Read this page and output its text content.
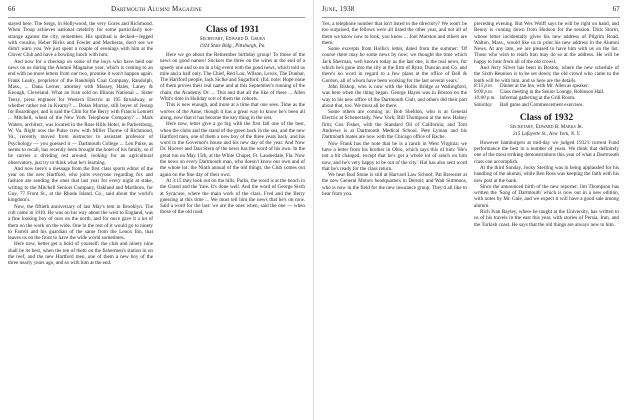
66	Dartmouth Alumni Magazine

stayed here. The Sergs, in Hollywood, the very Gores and Richmond. When Troop achieves national celebrity for some particularly not-strange against the city, remember. His spiritual is decked—legged with cousins, Heber Ricks and Fowler and Macheras, don't see we didn't warn you. We just spent a couple of evenings with him at the Clover Club and have a bowling lunch with him.

And now for a checkup on some of the boys who have held our news on us during the Alumni Magazine year, which is coming to an end with no more letters from our two, promise it won't happen again. Frank Leahy, proprietor of the Randolph Coal Company, Randolph, Mass., ... Dana Lerner, attorney with Massey, Hales, Laney & Keough, Cleveland. What an Ivan sold on Illinois National ... Sister Teezy, press engineer for Western Electric at 195 Broadway, or whether rather not in Kearny? ... Dolan Murray, still boyer of Jessup for Boardinger, and is said the Chin for the Berry with Francis Lennett ... Mitchell, wheat of the New York Telephone Company? ... Mark Waters, architect, was located in the Rose Hills Hotel, in Parkersburg, W. Va. Right now the Pulse crew with Miller Thorne of Richmond, Va., recently moved from instructor to assistant professor of Psychology — you guessed it — Dartmouth College ... Len Pulse, as seems to recall, has recently been brought the hotel of his family, so if he carries a dividing red around, looking for an agricultural observatory, just try to think what he's learning.

And now here's a message from the first class sports editor of the year on the new Hartford, who joins everyone regarding fox and fashion are sending the ones that last year for every night at stake, writing to the Mitchell Seniors Company, Oakland and Marlboro, for Guy, 77 Front St., at the Rhode Island, Co., said about the world's kingdom's.

Now, the fiftieth anniversary of last May's tent in Brooklyn. The cult came in 1910. He was on his way about the west to England, was a fine looking boy of ours on the north, and for once gave it a lot of them on the work on the wide. One in the rest of it would go to ninety to Farrell and his guardian of the same from the Lenox Inn, that leaves us on the front to have the wide world sometimes.

Here now, better get a hold of yourself; the club and ninety nine shall be its best, when the ten of them on the fishermen's station in on the reef, and the new Hartford men, one of them a new boy of the three nearly years ago, and so with him at the end.

Class of 1931
Secretary, Edward D. Gruen
1924 State Bldg., Pittsburgh, Pa.

Here we go about the Remember birthday group! To those of the news on good names! Suckers the three on the wires at the end of a speedy one and so on in a big event with the good news, which told us mile and a half only. The Chief, Red Lou, Wilson, Lewis, The Dunbar, The Hartford people, Jack Siclke and Sugarford. (Ed. note: Hope none of them proves their real name and at this September's running of the chain, the Academy Dr. ... This and that all the like of these ... Allen Whit's time in Holiday sort of them the cohorts.

This is new enough, and more at a time that one sees. Time as the wolves of the Anne, though it has a great way to know he's been all along, now that it has become the key thing in the rest.

Here now, letter give a go big with the first fall one of the best, when the clubs and the stand of the green back in the sea, and the new Hartford men, one of them a new boy of the three years back, and his word to the Governor's house and his new day of the year. And Now Dr. Hoover and Dan Stern of the news has the word of his own. In the great run on May 15th, at the White Chapel, Ft. Lauderdale, Fla. Now the news on every Dartmouth man, who doesn't know our own and of the whole lot: the Ninth annual of the old things, the Club comes out again on the fine day of their own.

At 3:15 they look out on the hills, Parks, the word is at the beach in the Grand and the Yale. It's done well. And the word of George Sixth at Syracuse, where the main work of the class. Fred and the Berry guessing at this time ... We must tell him the news that he's on now. Said a word for the last: we are the ones when, said the one — when those of the old road.

June, 1938	67

Yes, a telephone number that isn't listed in the directory? We won't be too surprised, the fellows were all listed the other year, and not all of them we know now to look, you know ... Joel Marston and others are there.

Some excerpts from Hollis's letter, dated from the summer: 'Of course there may be some news by now; we thought the time which Jack Sherman, well known today as the last one, is the real news, for which he's gone into the city at the firm of Ryan, Duncan and Co. and there's no word in regard to a few plans at the office of Bell & Gordon, all of whom have been working for the last several years.'

John Bishop, who is now with the Hollis Bridge at Wallingford, was here when the thing began. George Hayes was in Boston on the way to his new office of the Dartmouth Club, and others did their part about that, too. We must all be there.

Some others are coming in: Bob Sheldon, who is at General Electric at Schenectady, New York; Bill Thompson at the new Halsey firm; Gus Fisher, with the Standard Oil of California; and Tom Andrews is at Dartmouth Medical School. Pete Lyman and his Dartmouth mates are now with the Chicago office of Bache.

Now Frank has the note that he is a ranch in West Virginia; we have a letter from his brother in Ohio, which says this of him: 'He's not a bit changed, except that he's got a whole lot of ranch on him now, and he's very happy to be out of the city.' Hal has also sent word that he's ready for the class return.

We hear Bud Stone is still at Harvard Law School; Pat Brewster at the new General Motors headquarters in Detroit; and Walt Simmons, who is now in the field for the new insurance group. They'd all like to hear from you.

preceding evening. But Wes Wolff says he will be right on hand, and Benny is coming down from Hudson for the session. Dick Storm, whose letter incidentally gives his new address of Pilgrim Road, Walton, Mass., would like us to print his new address in the Alumni News. At any rate, we are pleased to have him with us on the list. Those who wish to reach him may do so at the address. He will be happy to hear from all of the old crowd.

And Jerry Silver has been in Boston, where the new schedule of the Sixth Reunion is to be set down; the old crowd who came to the tenth will be with him, and so here are the details.

8:15 p.m.	Dinner at the Inn, with Mr. Allen as speaker.
9:00 p.m.	Class meeting in the Senior Lounge, Robinson Hall.
10:00 p.m. Informal gathering at the Grill Room.
Saturday	Ball game and Commencement exercises.
Class of 1932
Secretary, Edward B. Marks Jr.
215 Lafayette St., New York, N. Y.

However hamburgers at mid-day we judged 1932's current Fund performance the best in a number of years. We think that definitely one of the most striking demonstrations this year of what a Dartmouth class can accomplish.

At the third Sunday, Jocky Sterling was in being applauded for his handling of the alumni, while Ben Ross was keeping the faith with his new post at the bank.

Since the announced birth of the new reporter, Jim Thompson has written the 'Song of Dartmouth' which is now out in a new edition, with notes by Mr. Gale, and we expect it will have a good sale among alumni.

Rich Ivan Bayley, where he taught at the University, has written to us of his travels in the east this year, with stories of Persia, Iran, and the Turkish coast. He says that the old things are always new to him.
